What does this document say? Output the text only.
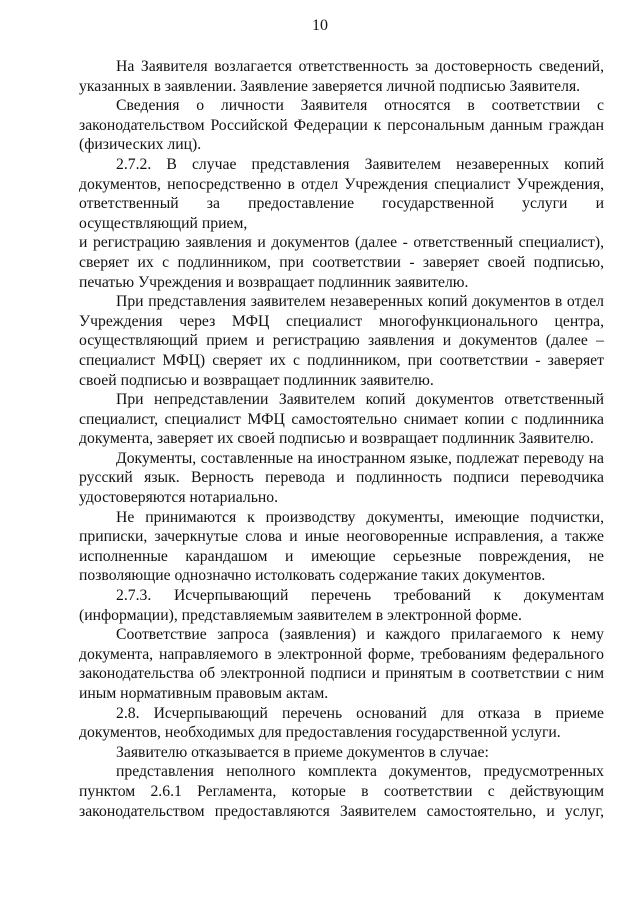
10

На Заявителя возлагается ответственность за достоверность сведений, указанных в заявлении. Заявление заверяется личной подписью Заявителя.

Сведения о личности Заявителя относятся в соответствии с законодательством Российской Федерации к персональным данным граждан (физических лиц).

2.7.2. В случае представления Заявителем незаверенных копий документов, непосредственно в отдел Учреждения специалист Учреждения, ответственный за предоставление государственной услуги и осуществляющий прием,

и регистрацию заявления и документов (далее - ответственный специалист), сверяет их с подлинником, при соответствии - заверяет своей подписью, печатью Учреждения и возвращает подлинник заявителю.

При представления заявителем незаверенных копий документов в отдел Учреждения через МФЦ специалист многофункционального центра, осуществляющий прием и регистрацию заявления и документов (далее – специалист МФЦ) сверяет их с подлинником, при соответствии - заверяет своей подписью и возвращает подлинник заявителю.

При непредставлении Заявителем копий документов ответственный специалист, специалист МФЦ самостоятельно снимает копии с подлинника документа, заверяет их своей подписью и возвращает подлинник Заявителю.

Документы, составленные на иностранном языке, подлежат переводу на русский язык. Верность перевода и подлинность подписи переводчика удостоверяются нотариально.

Не принимаются к производству документы, имеющие подчистки, приписки, зачеркнутые слова и иные неоговоренные исправления, а также исполненные карандашом и имеющие серьезные повреждения, не позволяющие однозначно истолковать содержание таких документов.

2.7.3. Исчерпывающий перечень требований к документам (информации), представляемым заявителем в электронной форме.

Соответствие запроса (заявления) и каждого прилагаемого к нему документа, направляемого в электронной форме, требованиям федерального законодательства об электронной подписи и принятым в соответствии с ним иным нормативным правовым актам.

2.8. Исчерпывающий перечень оснований для отказа в приеме документов, необходимых для предоставления государственной услуги.

Заявителю отказывается в приеме документов в случае:

представления неполного комплекта документов, предусмотренных пунктом 2.6.1 Регламента, которые в соответствии с действующим законодательством предоставляются Заявителем самостоятельно, и услуг,
